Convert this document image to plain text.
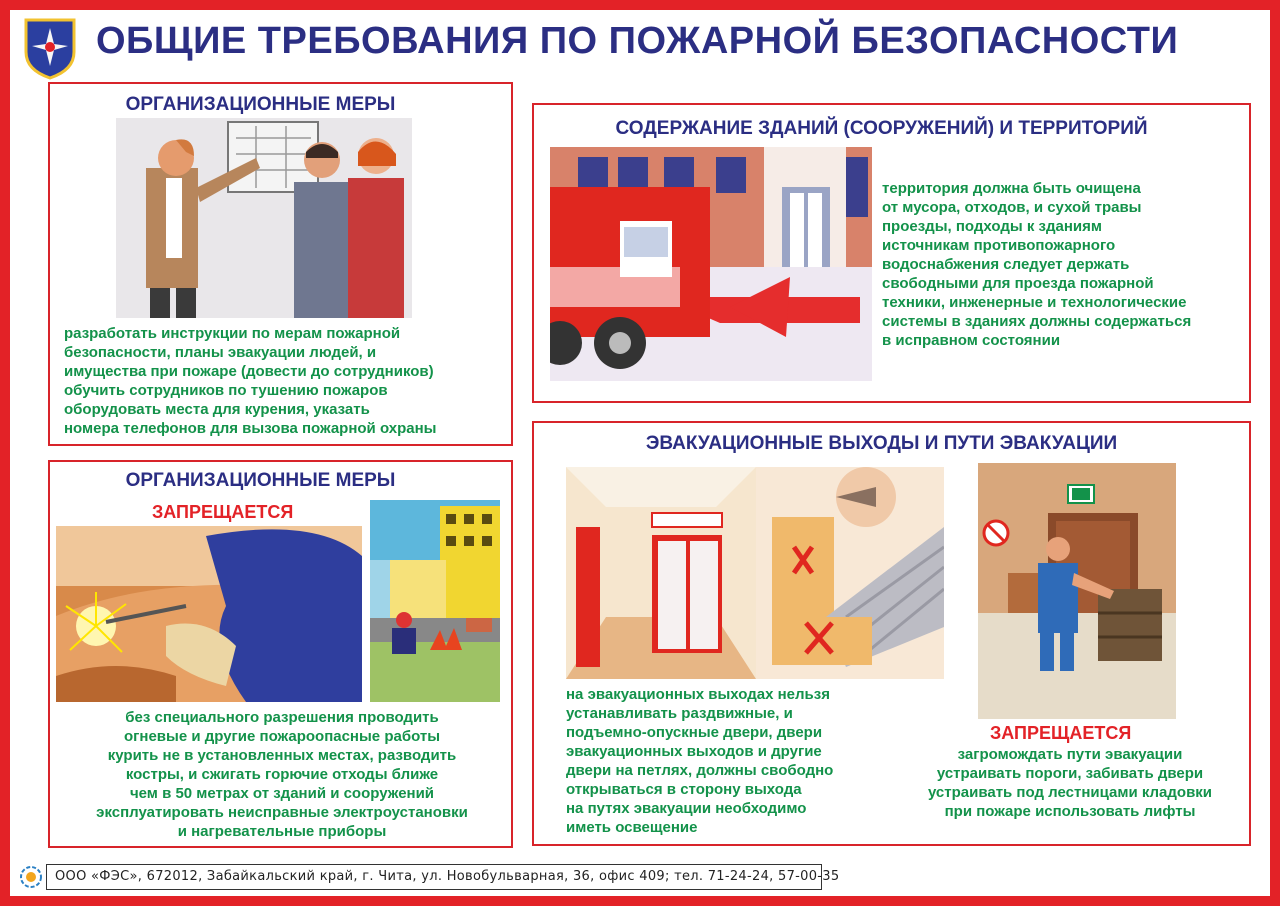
ОБЩИЕ ТРЕБОВАНИЯ ПО ПОЖАРНОЙ БЕЗОПАСНОСТИ
ОРГАНИЗАЦИОННЫЕ МЕРЫ
разработать инструкции по мерам пожарной
безопасности, планы эвакуации людей, и
имущества при пожаре (довести до сотрудников)
обучить сотрудников по тушению пожаров
оборудовать места для курения, указать
номера телефонов для вызова пожарной охраны
ОРГАНИЗАЦИОННЫЕ МЕРЫ
ЗАПРЕЩАЕТСЯ
без специального разрешения проводить
огневые и другие пожароопасные работы
курить не в установленных местах, разводить
костры, и сжигать горючие отходы ближе
чем в 50 метрах от зданий и сооружений
эксплуатировать неисправные электроустановки
и нагревательные приборы
СОДЕРЖАНИЕ ЗДАНИЙ (СООРУЖЕНИЙ) И ТЕРРИТОРИЙ
территория должна быть очищена
от мусора, отходов, и сухой травы
проезды, подходы к зданиям
источникам противопожарного
водоснабжения следует держать
свободными для проезда пожарной
техники, инженерные и технологические
системы в зданиях должны содержаться
в исправном состоянии
ЭВАКУАЦИОННЫЕ ВЫХОДЫ И ПУТИ ЭВАКУАЦИИ
на эвакуационных выходах нельзя
устанавливать раздвижные, и
подъемно-опускные двери, двери
эвакуационных выходов и другие
двери на петлях, должны свободно
открываться в сторону выхода
на путях эвакуации необходимо
иметь освещение
ЗАПРЕЩАЕТСЯ
загромождать пути эвакуации
устраивать пороги, забивать двери
устраивать под лестницами кладовки
при пожаре использовать лифты
ООО «ФЭС», 672012, Забайкальский край, г. Чита, ул. Новобульварная, 36, офис 409; тел. 71-24-24, 57-00-35
